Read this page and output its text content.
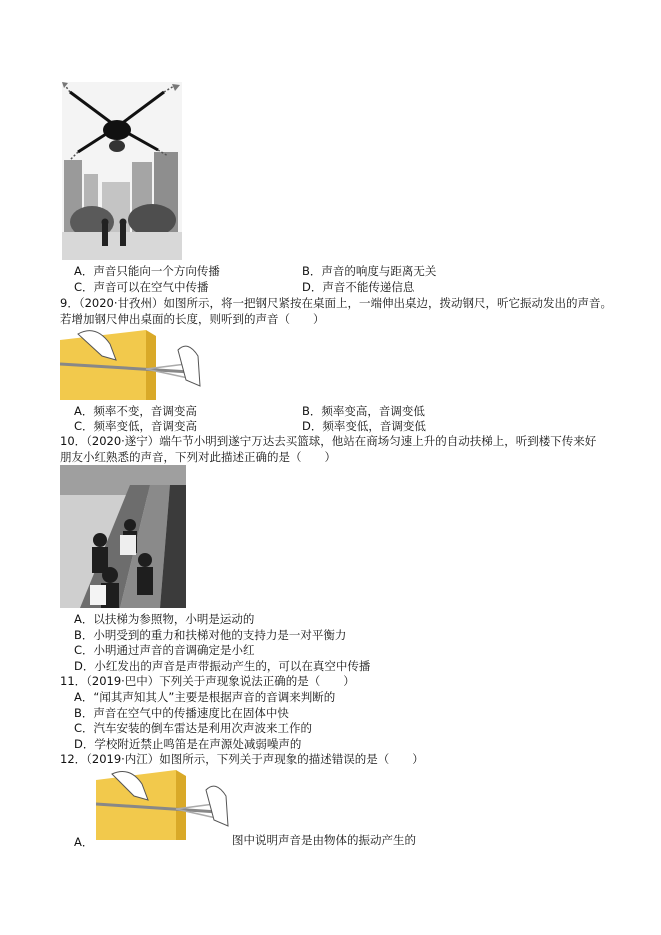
A．声音只能向一个方向传播	B．声音的响度与距离无关
C．声音可以在空气中传播	D．声音不能传递信息
9．（2020·甘孜州）如图所示，将一把钢尺紧按在桌面上，一端伸出桌边，拨动钢尺，听它振动发出的声音。
若增加钢尺伸出桌面的长度，则听到的声音（　　）
A．频率不变，音调变高	B．频率变高，音调变低
C．频率变低，音调变高	D．频率变低，音调变低
10．（2020·遂宁）端午节小明到遂宁万达去买篮球，他站在商场匀速上升的自动扶梯上，听到楼下传来好
朋友小红熟悉的声音，下列对此描述正确的是（　　）
A．以扶梯为参照物，小明是运动的
B．小明受到的重力和扶梯对他的支持力是一对平衡力
C．小明通过声音的音调确定是小红
D．小红发出的声音是声带振动产生的，可以在真空中传播
11．（2019·巴中）下列关于声现象说法正确的是（　　）
A．“闻其声知其人”主要是根据声音的音调来判断的
B．声音在空气中的传播速度比在固体中快
C．汽车安装的倒车雷达是利用次声波来工作的
D．学校附近禁止鸣笛是在声源处减弱噪声的
12．（2019·内江）如图所示，下列关于声现象的描述错误的是（　　）
A．	图中说明声音是由物体的振动产生的
